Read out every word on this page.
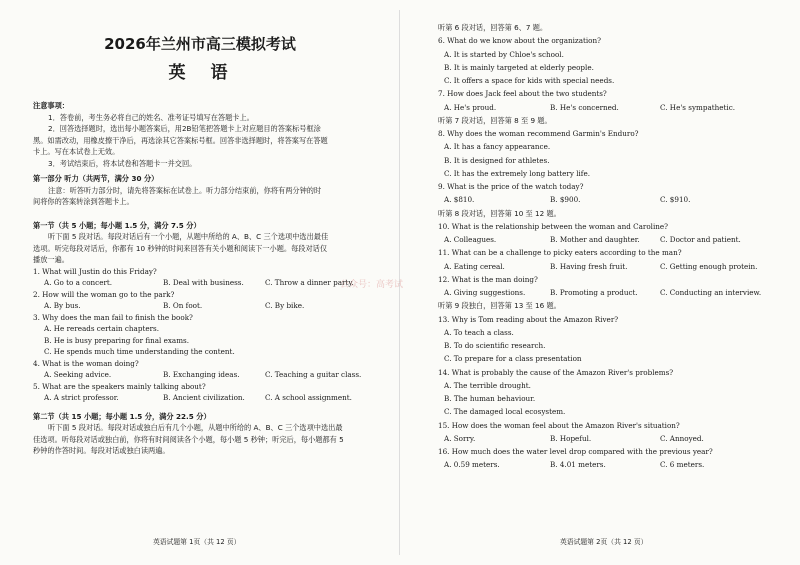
2026年兰州市高三模拟考试
英　语
注意事项：
1．答卷前，考生务必将自己的姓名、准考证号填写在答题卡上。
2．回答选择题时，选出每小题答案后，用2B铅笔把答题卡上对应题目的答案标号框涂
黑。如需改动，用橡皮擦干净后，再选涂其它答案标号框。回答非选择题时，将答案写在答题
卡上。写在本试卷上无效。
3．考试结束后，将本试卷和答题卡一并交回。
第一部分 听力（共两节，满分 30 分）
注意：听答听力部分时，请先将答案标在试卷上。听力部分结束前，你将有两分钟的时
间将你的答案转涂到答题卡上。
第一节（共 5 小题；每小题 1.5 分，满分 7.5 分）
听下面 5 段对话。每段对话后有一个小题，从题中所给的 A、B、C 三个选项中选出最佳
选项。听完每段对话后，你都有 10 秒钟的时间来回答有关小题和阅读下一小题。每段对话仅
播放一遍。
1. What will Justin do this Friday?
A. Go to a concert.	B. Deal with business.	C. Throw a dinner party.
2. How will the woman go to the park?
A. By bus.	B. On foot.	C. By bike.
3. Why does the man fail to finish the book?
A. He rereads certain chapters.
B. He is busy preparing for final exams.
C. He spends much time understanding the content.
4. What is the woman doing?
A. Seeking advice.	B. Exchanging ideas.	C. Teaching a guitar class.
5. What are the speakers mainly talking about?
A. A strict professor.	B. Ancient civilization.	C. A school assignment.
第二节（共 15 小题；每小题 1.5 分，满分 22.5 分）
听下面 5 段对话。每段对话或独白后有几个小题，从题中所给的 A、B、C 三个选项中选出最
佳选项。听每段对话或独白前，你将有时间阅读各个小题，每小题 5 秒钟；听完后，每小题都有 5
秒钟的作答时间。每段对话或独白读两遍。
英语试题第 1页（共 12 页）
公众号：高考试
听第 6 段对话，回答第 6、7 题。
6. What do we know about the organization?
A. It is started by Chloe's school.
B. It is mainly targeted at elderly people.
C. It offers a space for kids with special needs.
7. How does Jack feel about the two students?
A. He's proud.	B. He's concerned.	C. He's sympathetic.
听第 7 段对话，回答第 8 至 9 题。
8. Why does the woman recommend Garmin's Enduro?
A. It has a fancy appearance.
B. It is designed for athletes.
C. It has the extremely long battery life.
9. What is the price of the watch today?
A. $810.	B. $900.	C. $910.
听第 8 段对话，回答第 10 至 12 题。
10. What is the relationship between the woman and Caroline?
A. Colleagues.	B. Mother and daughter.	C. Doctor and patient.
11. What can be a challenge to picky eaters according to the man?
A. Eating cereal.	B. Having fresh fruit.	C. Getting enough protein.
12. What is the man doing?
A. Giving suggestions.	B. Promoting a product.	C. Conducting an interview.
听第 9 段独白，回答第 13 至 16 题。
13. Why is Tom reading about the Amazon River?
A. To teach a class.
B. To do scientific research.
C. To prepare for a class presentation
14. What is probably the cause of the Amazon River's problems?
A. The terrible drought.
B. The human behaviour.
C. The damaged local ecosystem.
15. How does the woman feel about the Amazon River's situation?
A. Sorry.	B. Hopeful.	C. Annoyed.
16. How much does the water level drop compared with the previous year?
A. 0.59 meters.	B. 4.01 meters.	C. 6 meters.
英语试题第 2页（共 12 页）
